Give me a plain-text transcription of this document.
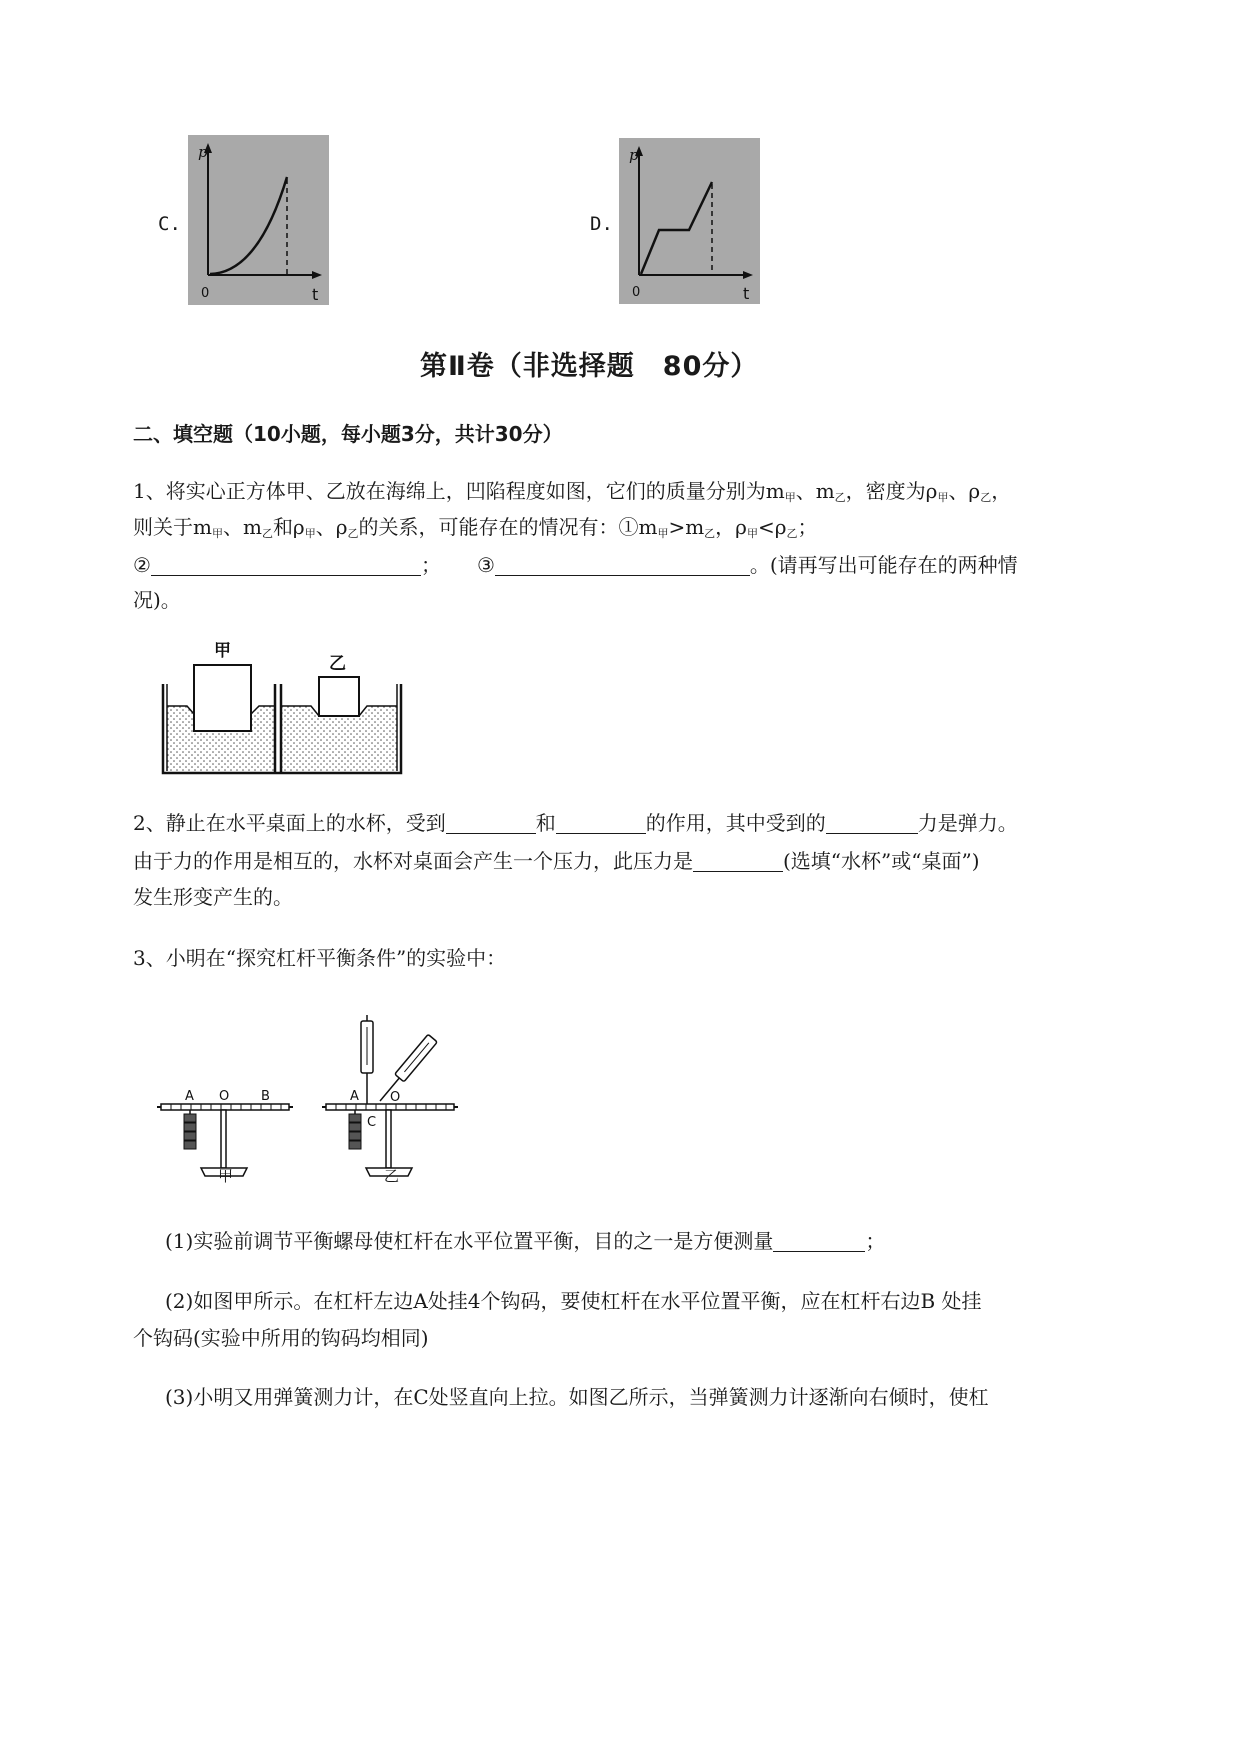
C.
p
0	t
D.
p
0	t
第Ⅱ卷（非选择题　80分）
二、填空题（10小题，每小题3分，共计30分）
1、将实心正方体甲、乙放在海绵上，凹陷程度如图，它们的质量分别为$m_甲$、$m_乙$，密度为$\rho_甲$、$\rho_乙$，
则关于$m_甲$、$m_乙$和$\rho_甲$、$\rho_乙$的关系，可能存在的情况有：$①m_甲>m_乙$，$\rho_甲<\rho_乙$；
②	； ③	。(请再写出可能存在的两种情
况)。
甲
乙
2、静止在水平桌面上的水杯，受到	和	的作用，其中受到的	力是弹力。
由于力的作用是相互的，水杯对桌面会产生一个压力，此压力是	(选填“水杯”或“桌面”)
发生形变产生的。
3、小明在“探究杠杆平衡条件”的实验中：
A O B
甲
A O
C
乙
(1)实验前调节平衡螺母使杠杆在水平位置平衡，目的之一是方便测量	；
(2)如图甲所示。在杠杆左边A处挂4个钩码，要使杠杆在水平位置平衡，应在杠杆右边B 处挂
个钩码(实验中所用的钩码均相同)
(3)小明又用弹簧测力计，在C处竖直向上拉。如图乙所示，当弹簧测力计逐渐向右倾时，使杠
